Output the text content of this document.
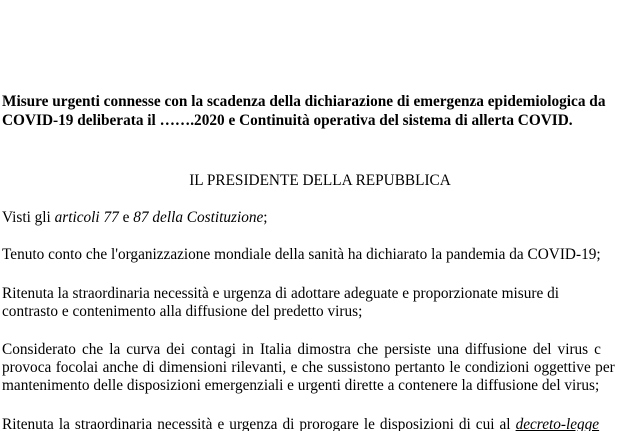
Misure urgenti connesse con la scadenza della dichiarazione di emergenza epidemiologica da

COVID-19 deliberata il …….2020 e Continuità operativa del sistema di allerta COVID.

IL PRESIDENTE DELLA REPUBBLICA

Visti gli articoli 77 e 87 della Costituzione;

Tenuto conto che l'organizzazione mondiale della sanità ha dichiarato la pandemia da COVID-19;

Ritenuta la straordinaria necessità e urgenza di adottare adeguate e proporzionate misure di

contrasto e contenimento alla diffusione del predetto virus;

Considerato che la curva dei contagi in Italia dimostra che persiste una diffusione del virus c

provoca focolai anche di dimensioni rilevanti, e che sussistono pertanto le condizioni oggettive per

mantenimento delle disposizioni emergenziali e urgenti dirette a contenere la diffusione del virus;

Ritenuta la straordinaria necessità e urgenza di prorogare le disposizioni di cui al decreto-legge
